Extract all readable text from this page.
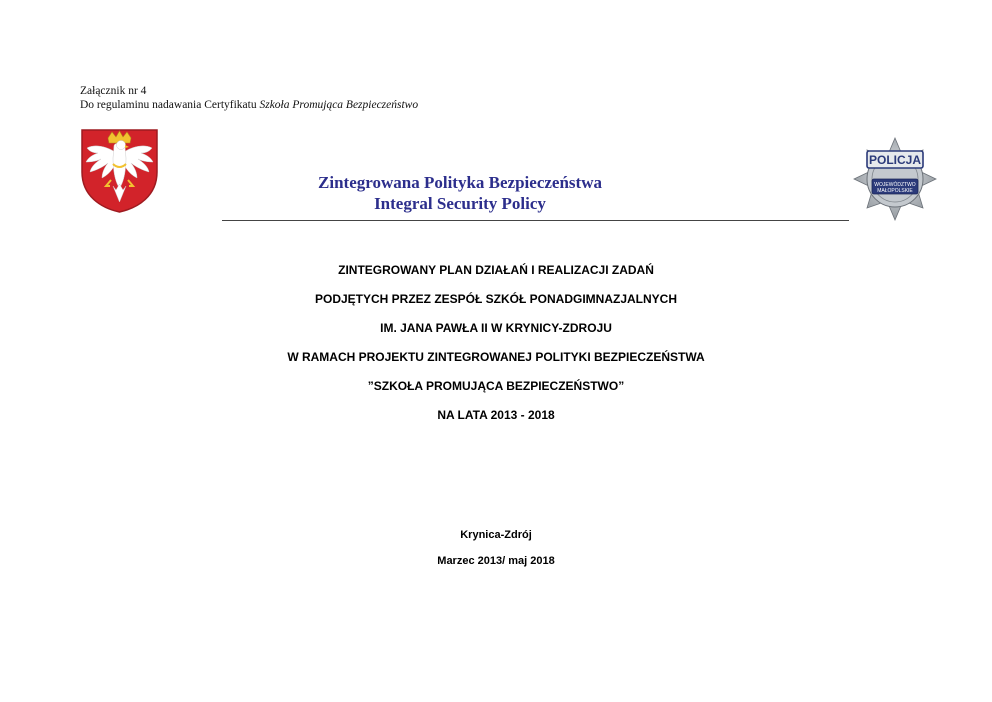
Załącznik nr 4
Do regulaminu nadawania Certyfikatu Szkoła Promująca Bezpieczeństwo
Zintegrowana Polityka Bezpieczeństwa
Integral Security Policy
POLICJA
WOJEWÓDZTWO
MAŁOPOLSKIE
ZINTEGROWANY PLAN DZIAŁAŃ I REALIZACJI ZADAŃ
PODJĘTYCH PRZEZ ZESPÓŁ SZKÓŁ PONADGIMNAZJALNYCH
IM. JANA PAWŁA II W KRYNICY-ZDROJU
W RAMACH PROJEKTU ZINTEGROWANEJ POLITYKI BEZPIECZEŃSTWA
”SZKOŁA PROMUJĄCA BEZPIECZEŃSTWO”
NA LATA 2013 - 2018
Krynica-Zdrój
Marzec 2013/ maj 2018
